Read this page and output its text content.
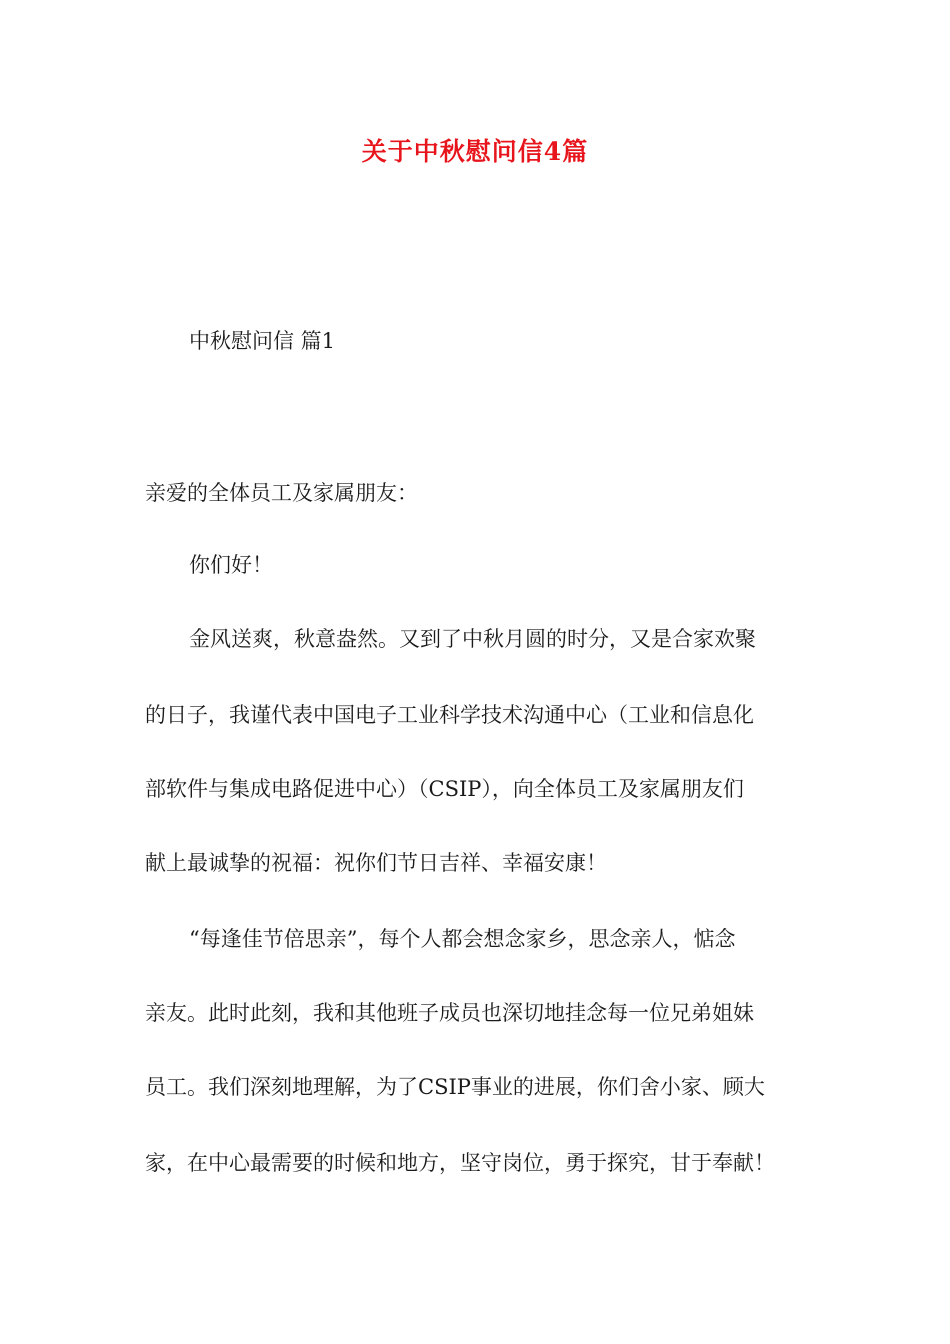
关于中秋慰问信4篇

中秋慰问信 篇1

亲爱的全体员工及家属朋友：

你们好！

金风送爽，秋意盎然。又到了中秋月圆的时分，又是合家欢聚

的日子，我谨代表中国电子工业科学技术沟通中心（工业和信息化

部软件与集成电路促进中心）（CSIP），向全体员工及家属朋友们

献上最诚挚的祝福：祝你们节日吉祥、幸福安康！

“每逢佳节倍思亲”，每个人都会想念家乡，思念亲人，惦念

亲友。此时此刻，我和其他班子成员也深切地挂念每一位兄弟姐妹

员工。我们深刻地理解，为了CSIP事业的进展，你们舍小家、顾大

家，在中心最需要的时候和地方，坚守岗位，勇于探究，甘于奉献！
